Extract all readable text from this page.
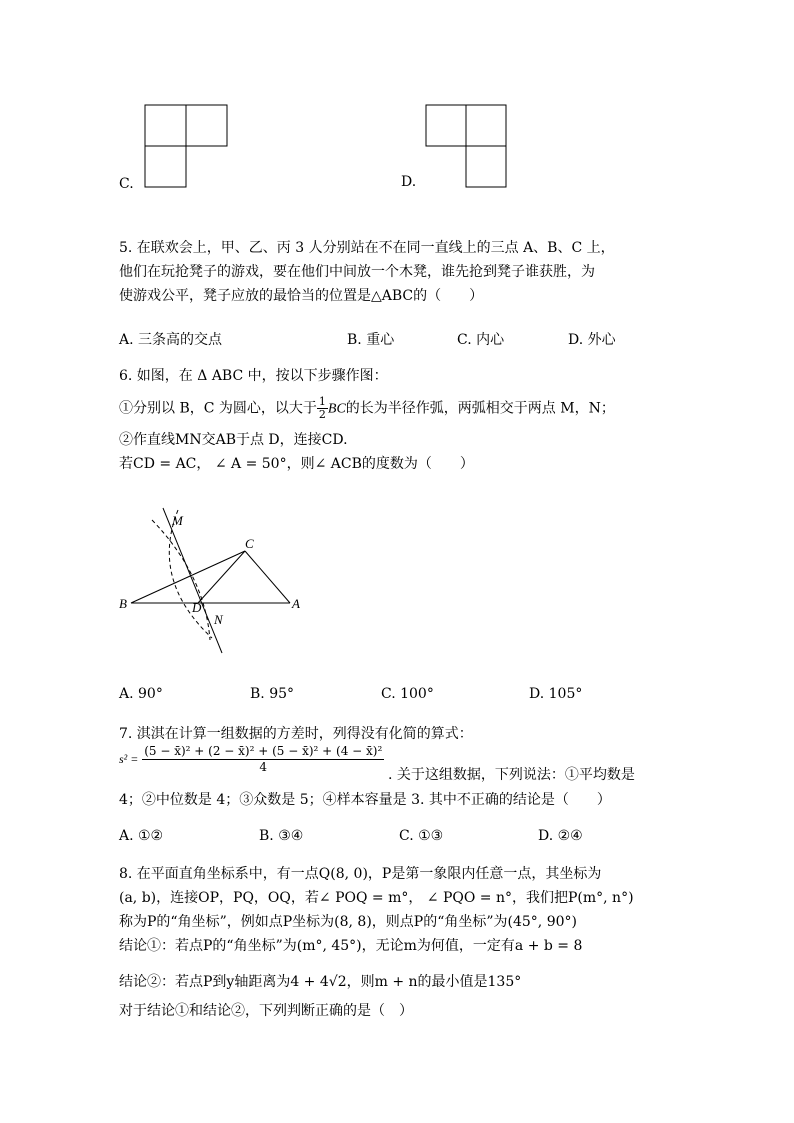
C.	D.
5. 在联欢会上，甲、乙、丙 3 人分别站在不在同一直线上的三点 A、B、C 上，
他们在玩抢凳子的游戏，要在他们中间放一个木凳，谁先抢到凳子谁获胜，为
使游戏公平，凳子应放的最恰当的位置是△ABC的（　　）
A. 三条高的交点	B. 重心	C. 内心	D. 外心
6. 如图，在 Δ ABC 中，按以下步骤作图：
①分别以 B，C 为圆心，以大于 $\frac{1}{2}$ BC的长为半径作弧，两弧相交于两点 M，N；
②作直线MN交AB于点 D，连接CD.
若CD = AC， ∠ A = 50°，则∠ ACB的度数为（　　）
M
C
B	D	A
N
A. 90°	B. 95°	C. 100°	D. 105°
7. 淇淇在计算一组数据的方差时，列得没有化简的算式：
$s^2 = \frac{\text{(5 − x̄)² + (2 − x̄)² + (5 − x̄)² + (4 − x̄)²}}{4}$ . 关于这组数据，下列说法：①平均数是
4；②中位数是 4；③众数是 5；④样本容量是 3. 其中不正确的结论是（　　）
A. ①②	B. ③④	C. ①③	D. ②④
8. 在平面直角坐标系中，有一点Q(8, 0)，P是第一象限内任意一点，其坐标为
(a, b)，连接OP，PQ，OQ，若∠ POQ = m°， ∠ PQO = n°，我们把P(m°, n°)
称为P的“角坐标”，例如点P坐标为(8, 8)，则点P的“角坐标”为(45°, 90°)
结论①：若点P的“角坐标”为(m°, 45°)，无论m为何值，一定有a + b = 8
结论②：若点P到y轴距离为4 + 4√2，则m + n的最小值是135°
对于结论①和结论②，下列判断正确的是（　）
